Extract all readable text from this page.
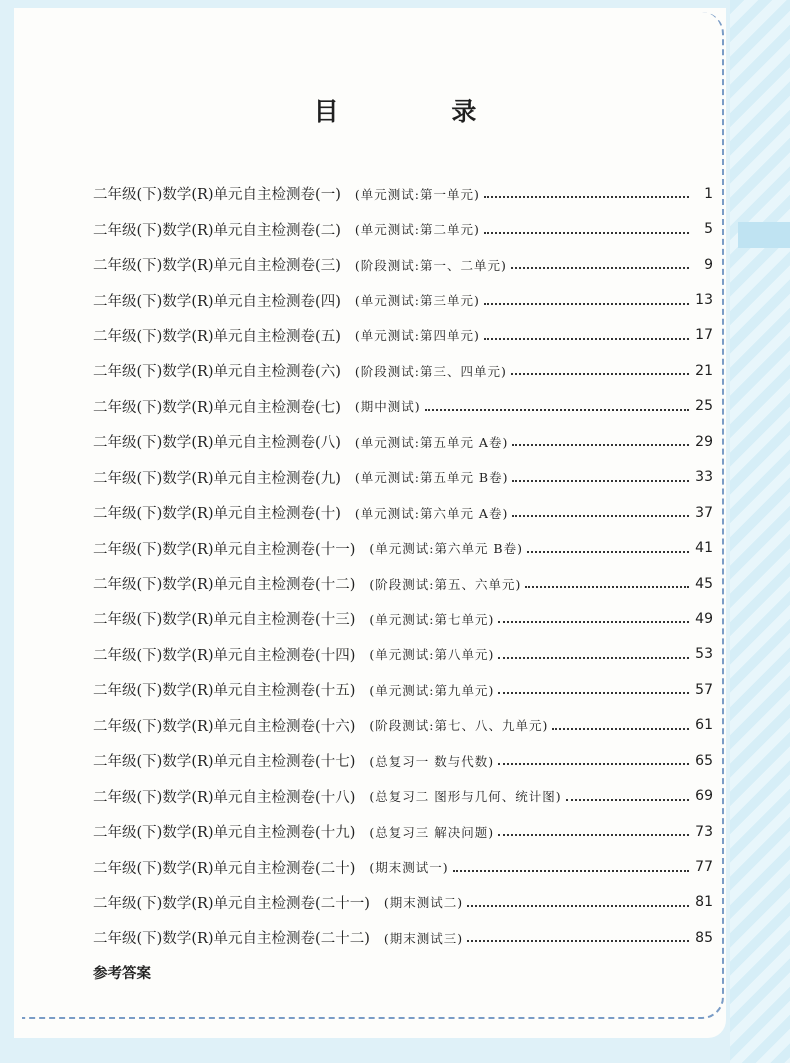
目 录
二年级(下)数学(R)单元自主检测卷(一) (单元测试:第一单元)	1
二年级(下)数学(R)单元自主检测卷(二) (单元测试:第二单元)	5
二年级(下)数学(R)单元自主检测卷(三) (阶段测试:第一、二单元)	9
二年级(下)数学(R)单元自主检测卷(四) (单元测试:第三单元)	13
二年级(下)数学(R)单元自主检测卷(五) (单元测试:第四单元)	17
二年级(下)数学(R)单元自主检测卷(六) (阶段测试:第三、四单元)	21
二年级(下)数学(R)单元自主检测卷(七) (期中测试)	25
二年级(下)数学(R)单元自主检测卷(八) (单元测试:第五单元 A卷)	29
二年级(下)数学(R)单元自主检测卷(九) (单元测试:第五单元 B卷)	33
二年级(下)数学(R)单元自主检测卷(十) (单元测试:第六单元 A卷)	37
二年级(下)数学(R)单元自主检测卷(十一) (单元测试:第六单元 B卷)	41
二年级(下)数学(R)单元自主检测卷(十二) (阶段测试:第五、六单元)	45
二年级(下)数学(R)单元自主检测卷(十三) (单元测试:第七单元)	49
二年级(下)数学(R)单元自主检测卷(十四) (单元测试:第八单元)	53
二年级(下)数学(R)单元自主检测卷(十五) (单元测试:第九单元)	57
二年级(下)数学(R)单元自主检测卷(十六) (阶段测试:第七、八、九单元)	61
二年级(下)数学(R)单元自主检测卷(十七) (总复习一 数与代数)	65
二年级(下)数学(R)单元自主检测卷(十八) (总复习二 图形与几何、统计图)	69
二年级(下)数学(R)单元自主检测卷(十九) (总复习三 解决问题)	73
二年级(下)数学(R)单元自主检测卷(二十) (期末测试一)	77
二年级(下)数学(R)单元自主检测卷(二十一) (期末测试二)	81
二年级(下)数学(R)单元自主检测卷(二十二) (期末测试三)	85
参考答案
